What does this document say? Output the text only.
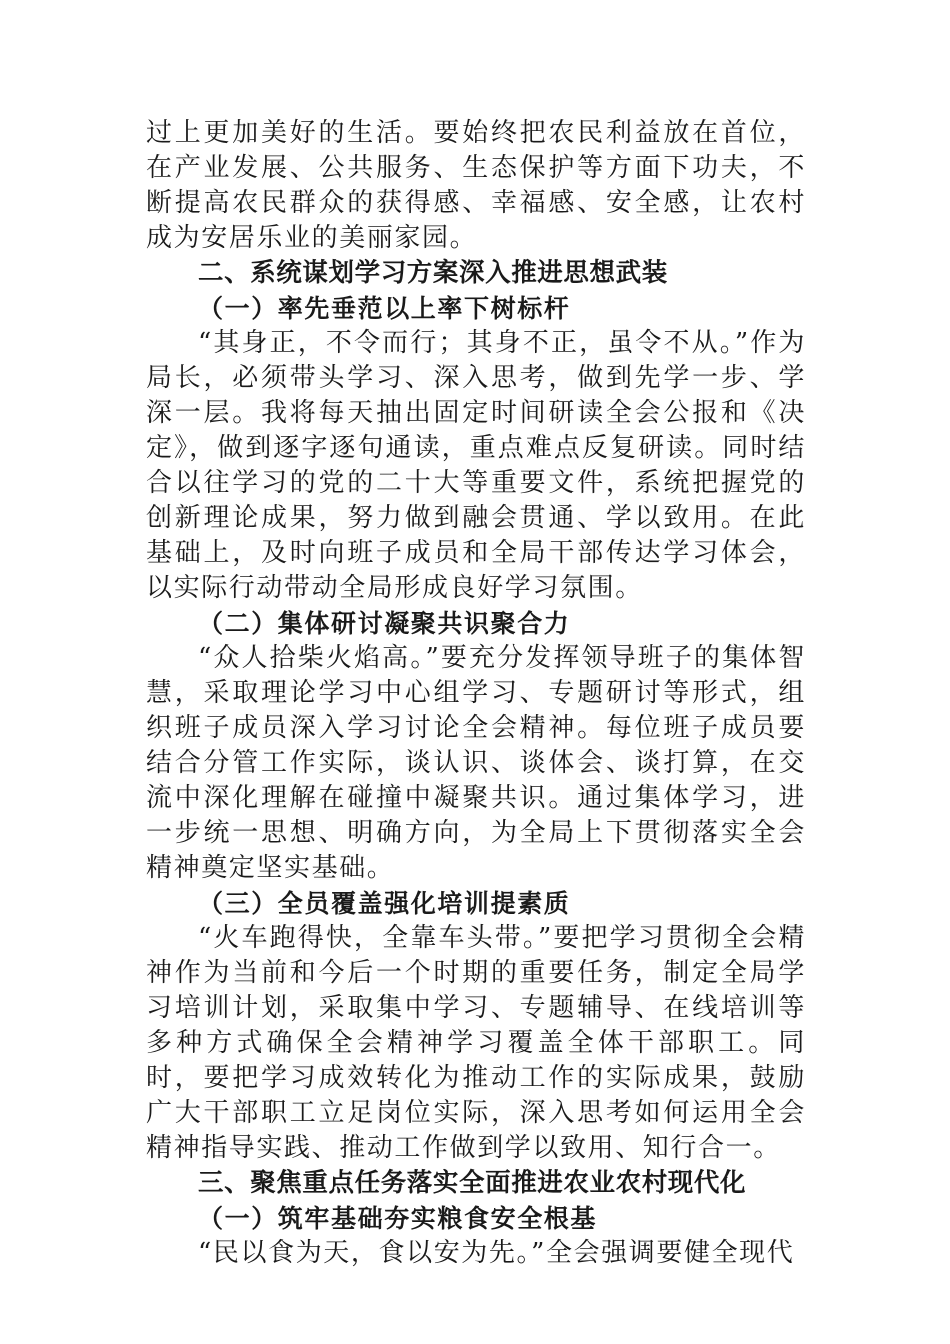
过上更加美好的生活。要始终把农民利益放在首位，在产业发展、公共服务、生态保护等方面下功夫，不断提高农民群众的获得感、幸福感、安全感，让农村成为安居乐业的美丽家园。

二、系统谋划学习方案深入推进思想武装

（一）率先垂范以上率下树标杆

“其身正，不令而行；其身不正，虽令不从。”作为局长，必须带头学习、深入思考，做到先学一步、学深一层。我将每天抽出固定时间研读全会公报和《决定》，做到逐字逐句通读，重点难点反复研读。同时结合以往学习的党的二十大等重要文件，系统把握党的创新理论成果，努力做到融会贯通、学以致用。在此基础上，及时向班子成员和全局干部传达学习体会，以实际行动带动全局形成良好学习氛围。

（二）集体研讨凝聚共识聚合力

“众人拾柴火焰高。”要充分发挥领导班子的集体智慧，采取理论学习中心组学习、专题研讨等形式，组织班子成员深入学习讨论全会精神。每位班子成员要结合分管工作实际，谈认识、谈体会、谈打算，在交流中深化理解在碰撞中凝聚共识。通过集体学习，进一步统一思想、明确方向，为全局上下贯彻落实全会精神奠定坚实基础。

（三）全员覆盖强化培训提素质

“火车跑得快，全靠车头带。”要把学习贯彻全会精神作为当前和今后一个时期的重要任务，制定全局学习培训计划，采取集中学习、专题辅导、在线培训等多种方式确保全会精神学习覆盖全体干部职工。同时，要把学习成效转化为推动工作的实际成果，鼓励广大干部职工立足岗位实际，深入思考如何运用全会精神指导实践、推动工作做到学以致用、知行合一。

三、聚焦重点任务落实全面推进农业农村现代化

（一）筑牢基础夯实粮食安全根基

“民以食为天，食以安为先。”全会强调要健全现代
